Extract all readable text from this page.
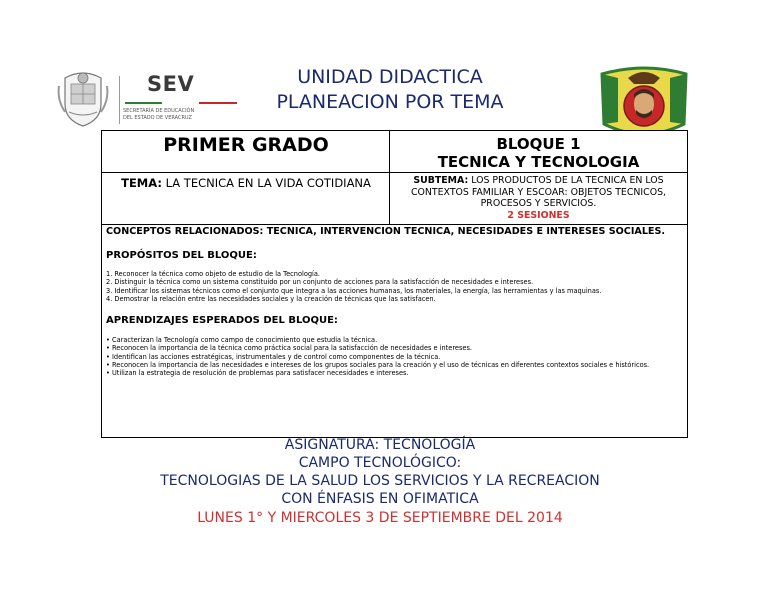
SEV
SECRETARÍA DE EDUCACIÓN
DEL ESTADO DE VERACRUZ
UNIDAD DIDACTICA
PLANEACION POR TEMA
PRIMER GRADO	BLOQUE 1
TECNICA Y TECNOLOGIA
TEMA: LA TECNICA EN LA VIDA COTIDIANA	SUBTEMA: LOS PRODUCTOS DE LA TECNICA EN LOS CONTEXTOS FAMILIAR Y ESCOAR: OBJETOS TECNICOS, PROCESOS Y SERVICIOS.
2 SESIONES

CONCEPTOS RELACIONADOS: TECNICA, INTERVENCION TECNICA, NECESIDADES E INTERESES SOCIALES.

PROPÓSITOS DEL BLOQUE:
1. Reconocer la técnica como objeto de estudio de la Tecnología.
2. Distinguir la técnica como un sistema constituido por un conjunto de acciones para la satisfacción de necesidades e intereses.
3. Identificar los sistemas técnicos como el conjunto que integra a las acciones humanas, los materiales, la energía, las herramientas y las maquinas.
4. Demostrar la relación entre las necesidades sociales y la creación de técnicas que las satisfacen.
APRENDIZAJES ESPERADOS DEL BLOQUE:
• Caracterizan la Tecnología como campo de conocimiento que estudia la técnica.
• Reconocen la importancia de la técnica como práctica social para la satisfacción de necesidades e intereses.
• Identifican las acciones estratégicas, instrumentales y de control como componentes de la técnica.
• Reconocen la importancia de las necesidades e intereses de los grupos sociales para la creación y el uso de técnicas en diferentes contextos sociales e históricos.
• Utilizan la estrategia de resolución de problemas para satisfacer necesidades e intereses.
ASIGNATURA: TECNOLOGÍA
CAMPO TECNOLÓGICO:
TECNOLOGIAS DE LA SALUD LOS SERVICIOS Y LA RECREACION
CON ÉNFASIS EN OFIMATICA
LUNES 1° Y MIERCOLES 3 DE SEPTIEMBRE DEL 2014
